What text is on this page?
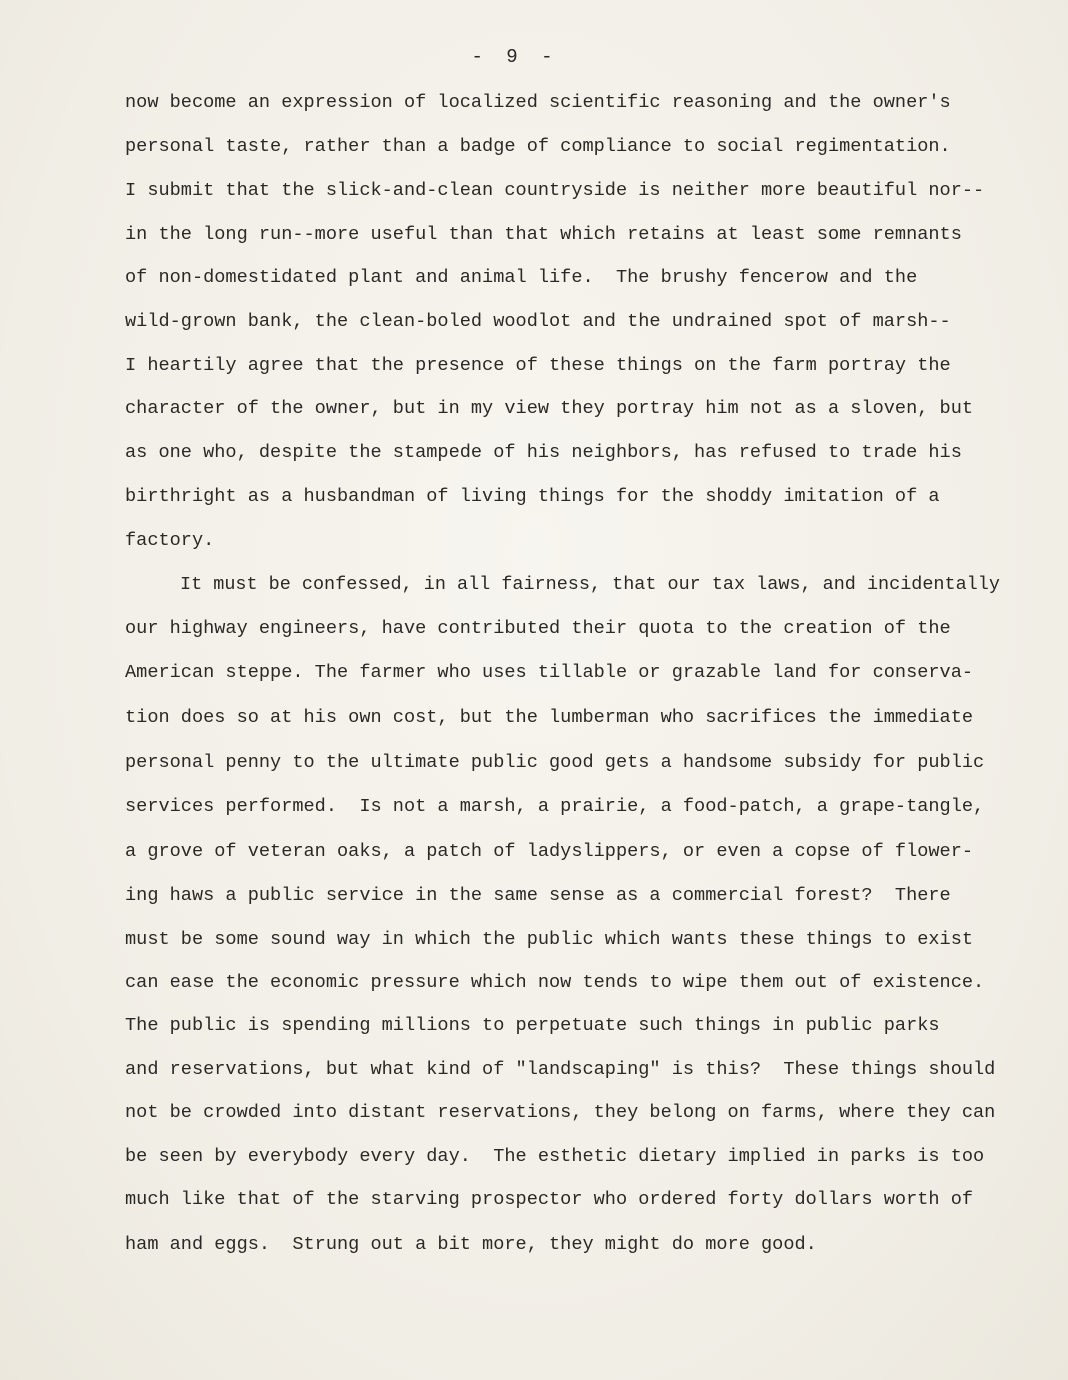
- 9 -
now become an expression of localized scientific reasoning and the owner's
personal taste, rather than a badge of compliance to social regimentation.
I submit that the slick-and-clean countryside is neither more beautiful nor--
in the long run--more useful than that which retains at least some remnants
of non-domestidated plant and animal life.  The brushy fencerow and the
wild-grown bank, the clean-boled woodlot and the undrained spot of marsh--
I heartily agree that the presence of these things on the farm portray the
character of the owner, but in my view they portray him not as a sloven, but
as one who, despite the stampede of his neighbors, has refused to trade his
birthright as a husbandman of living things for the shoddy imitation of a
factory.
It must be confessed, in all fairness, that our tax laws, and incidentally
our highway engineers, have contributed their quota to the creation of the
American steppe. The farmer who uses tillable or grazable land for conserva-
tion does so at his own cost, but the lumberman who sacrifices the immediate
personal penny to the ultimate public good gets a handsome subsidy for public
services performed.  Is not a marsh, a prairie, a food-patch, a grape-tangle,
a grove of veteran oaks, a patch of ladyslippers, or even a copse of flower-
ing haws a public service in the same sense as a commercial forest?  There
must be some sound way in which the public which wants these things to exist
can ease the economic pressure which now tends to wipe them out of existence.
The public is spending millions to perpetuate such things in public parks
and reservations, but what kind of "landscaping" is this?  These things should
not be crowded into distant reservations, they belong on farms, where they can
be seen by everybody every day.  The esthetic dietary implied in parks is too
much like that of the starving prospector who ordered forty dollars worth of
ham and eggs.  Strung out a bit more, they might do more good.
